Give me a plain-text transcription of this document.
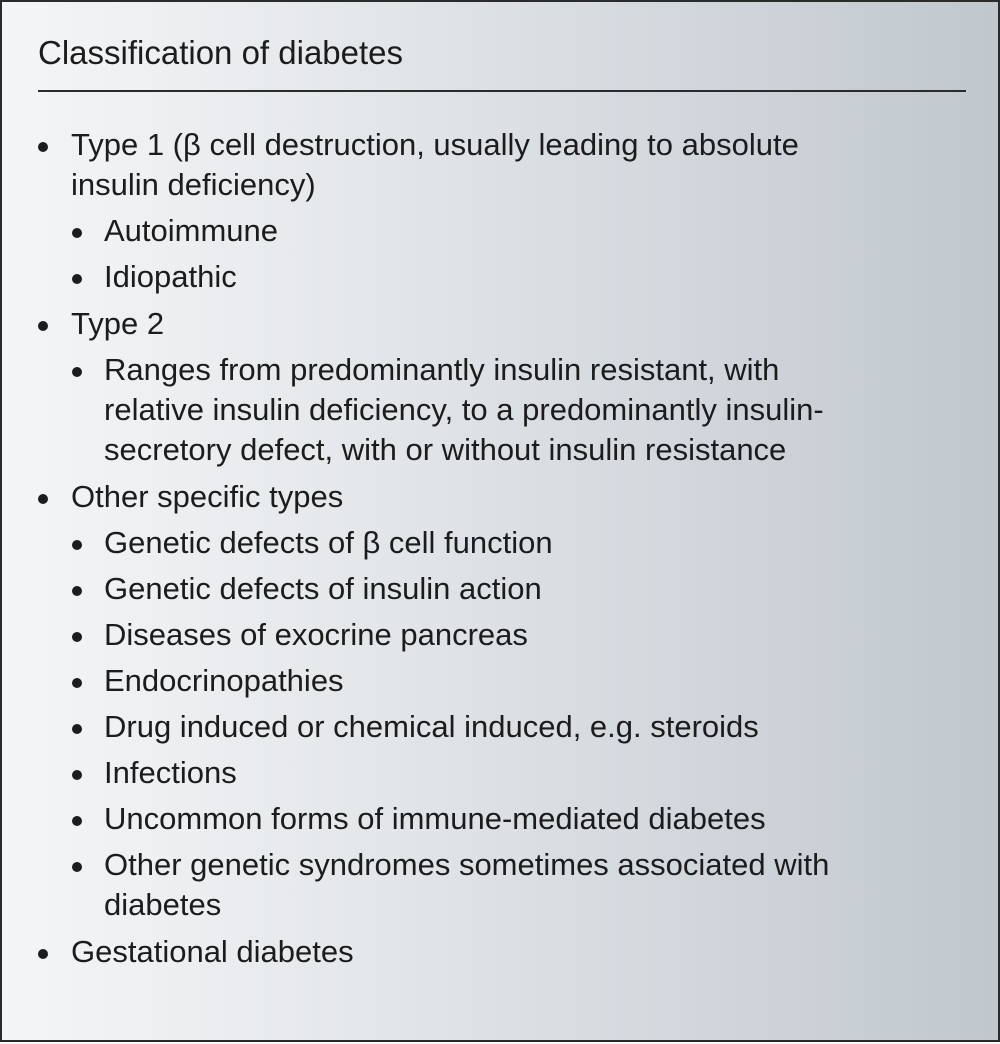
Classification of diabetes
Type 1 (β cell destruction, usually leading to absolute
insulin deficiency)
Autoimmune
Idiopathic
Type 2
Ranges from predominantly insulin resistant, with
relative insulin deficiency, to a predominantly insulin-
secretory defect, with or without insulin resistance
Other specific types
Genetic defects of β cell function
Genetic defects of insulin action
Diseases of exocrine pancreas
Endocrinopathies
Drug induced or chemical induced, e.g. steroids
Infections
Uncommon forms of immune-mediated diabetes
Other genetic syndromes sometimes associated with
diabetes
Gestational diabetes
